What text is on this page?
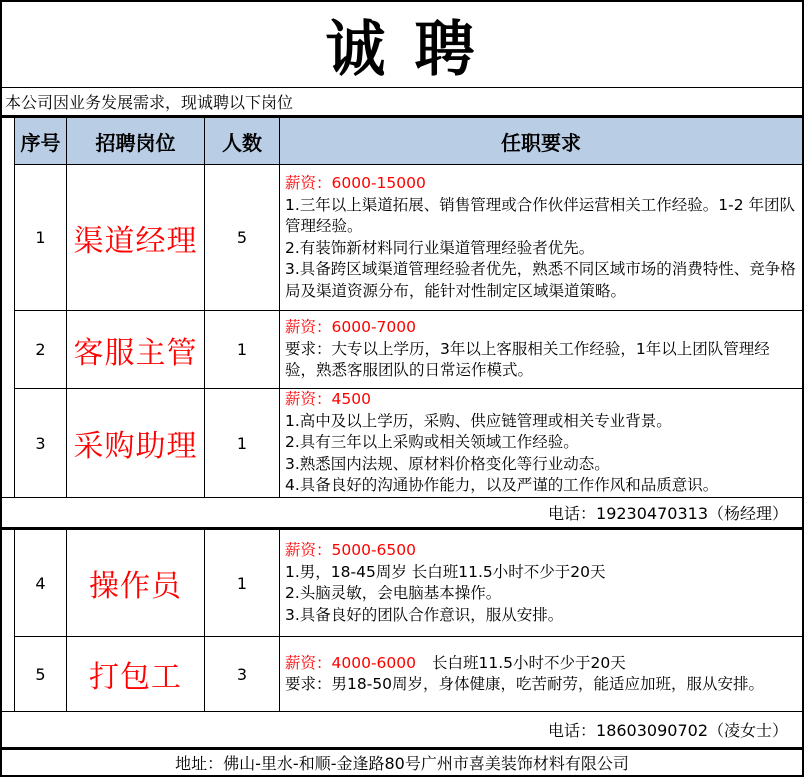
诚 聘
本公司因业务发展需求，现诚聘以下岗位
序号	招聘岗位	人数	任职要求
1 渠道经理	5
薪资：6000-15000
1.三年以上渠道拓展、销售管理或合作伙伴运营相关工作经验。1-2 年团队管理经验。
2.有装饰新材料同行业渠道管理经验者优先。
3.具备跨区域渠道管理经验者优先，熟悉不同区域市场的消费特性、竞争格局及渠道资源分布，能针对性制定区域渠道策略。
2 客服主管	1
薪资：6000-7000
要求：大专以上学历，3年以上客服相关工作经验，1年以上团队管理经验，熟悉客服团队的日常运作模式。
3 采购助理	1
薪资：4500
1.高中及以上学历，采购、供应链管理或相关专业背景。
2.具有三年以上采购或相关领域工作经验。
3.熟悉国内法规、原材料价格变化等行业动态。
4.具备良好的沟通协作能力，以及严谨的工作作风和品质意识。
电话：19230470313（杨经理）
4	操作员	1
薪资：5000-6500
1.男，18-45周岁 长白班11.5小时不少于20天
2.头脑灵敏，会电脑基本操作。
3.具备良好的团队合作意识，服从安排。
5	打包工	3
薪资：4000-6000 长白班11.5小时不少于20天
要求：男18-50周岁，身体健康，吃苦耐劳，能适应加班，服从安排。
电话：18603090702（凌女士）
地址：佛山-里水-和顺-金逢路80号广州市喜美装饰材料有限公司
